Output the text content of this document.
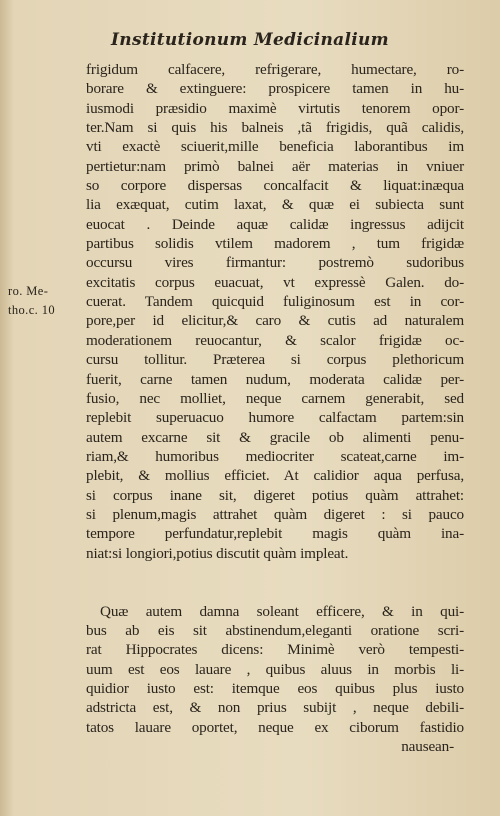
Institutionum Medicinalium
ro. Me-
tho.c. 10
frigidum calfacere, refrigerare, humectare, ro-
borare & extinguere: prospicere tamen in hu-
iusmodi præsidio maximè virtutis tenorem opor-
ter.Nam si quis his balneis ,tã frigidis, quã calidis,
vti exactè sciuerit,mille beneficia laborantibus im
pertietur:nam primò balnei aër materias in vniuer
so corpore dispersas concalfacit & liquat:inæqua
lia exæquat, cutim laxat, & quæ ei subiecta sunt
euocat . Deinde aquæ calidæ ingressus adijcit
partibus solidis vtilem madorem , tum frigidæ
occursu vires firmantur: postremò sudoribus
excitatis corpus euacuat, vt expressè Galen. do-
cuerat. Tandem quicquid fuliginosum est in cor-
pore,per id elicitur,& caro & cutis ad naturalem
moderationem reuocantur, & scalor frigidæ oc-
cursu tollitur. Præterea si corpus plethoricum
fuerit, carne tamen nudum, moderata calidæ per-
fusio, nec molliet, neque carnem generabit, sed
replebit superuacuo humore calfactam partem:sin
autem excarne sit & gracile ob alimenti penu-
riam,& humoribus mediocriter scateat,carne im-
plebit, & mollius efficiet. At calidior aqua perfusa,
si corpus inane sit, digeret potius quàm attrahet:
si plenum,magis attrahet quàm digeret : si pauco
tempore perfundatur,replebit magis quàm ina-
niat:si longiori,potius discutit quàm impleat.
Quæ autem damna soleant efficere, & in qui-
bus ab eis sit abstinendum,eleganti oratione scri-
rat Hippocrates dicens: Minimè verò tempesti-
uum est eos lauare , quibus aluus in morbis li-
quidior iusto est: itemque eos quibus plus iusto
adstricta est, & non prius subijt , neque debili-
tatos lauare oportet, neque ex ciborum fastidio
nausean-
